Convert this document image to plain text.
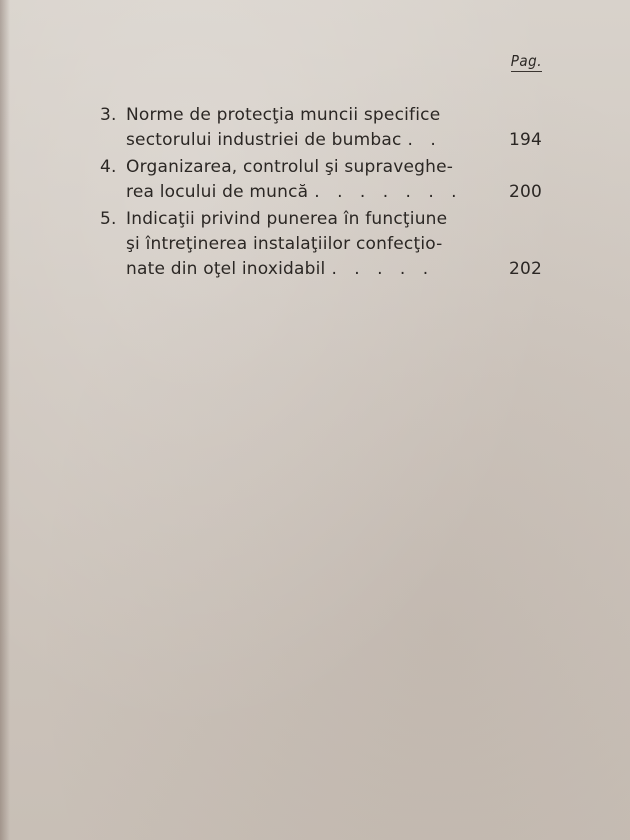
Pag.
3. Norme de protecţia muncii specifice
sectorului industriei de bumbac . .	194
4. Organizarea, controlul şi supraveghe-
rea locului de muncă . . . . . . .	200
5. Indicaţii privind punerea în funcţiune
şi întreţinerea instalaţiilor confecţio-
nate din oţel inoxidabil . . . . .	202
